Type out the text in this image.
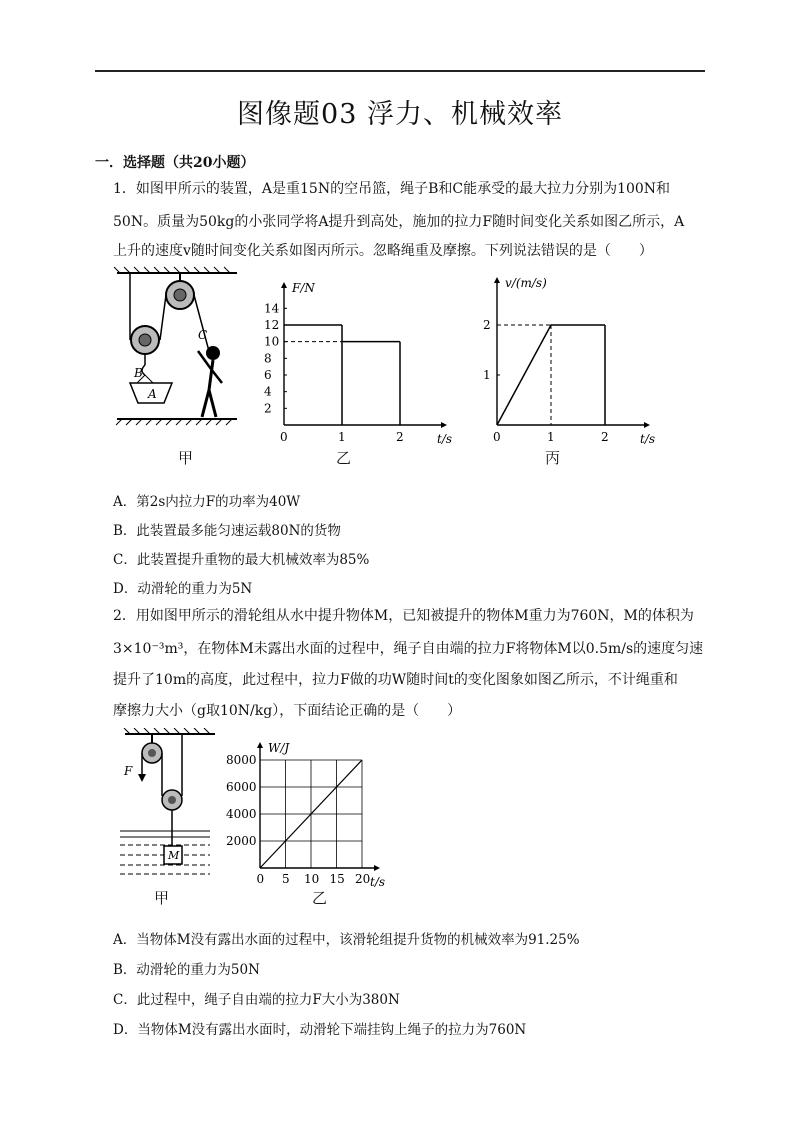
图像题03 浮力、机械效率
一．选择题（共20小题）
1．如图甲所示的装置，A是重15N的空吊篮，绳子B和C能承受的最大拉力分别为100N和
50N。质量为50kg的小张同学将A提升到高处，施加的拉力F随时间变化关系如图乙所示，A
上升的速度v随时间变化关系如图丙所示。忽略绳重及摩擦。下列说法错误的是（　　）
A
B
C
t/s
F/N
0	1	2
2
4
6
8
10
12
14
t/s
v/(m/s)
0	1	2
1
2
甲	乙	丙
A．第2s内拉力F的功率为40W
B．此装置最多能匀速运载80N的货物
C．此装置提升重物的最大机械效率为85%
D．动滑轮的重力为5N
2．用如图甲所示的滑轮组从水中提升物体M，已知被提升的物体M重力为760N，M的体积为
3×10⁻³m³，在物体M未露出水面的过程中，绳子自由端的拉力F将物体M以0.5m/s的速度匀速
提升了10m的高度，此过程中，拉力F做的功W随时间t的变化图象如图乙所示，不计绳重和
摩擦力大小（g取10N/kg），下面结论正确的是（　　）
F
M
t/s
W/J
0 5 10 15 20
2000
4000
6000
8000
甲	乙
A．当物体M没有露出水面的过程中，该滑轮组提升货物的机械效率为91.25%
B．动滑轮的重力为50N
C．此过程中，绳子自由端的拉力F大小为380N
D．当物体M没有露出水面时，动滑轮下端挂钩上绳子的拉力为760N
